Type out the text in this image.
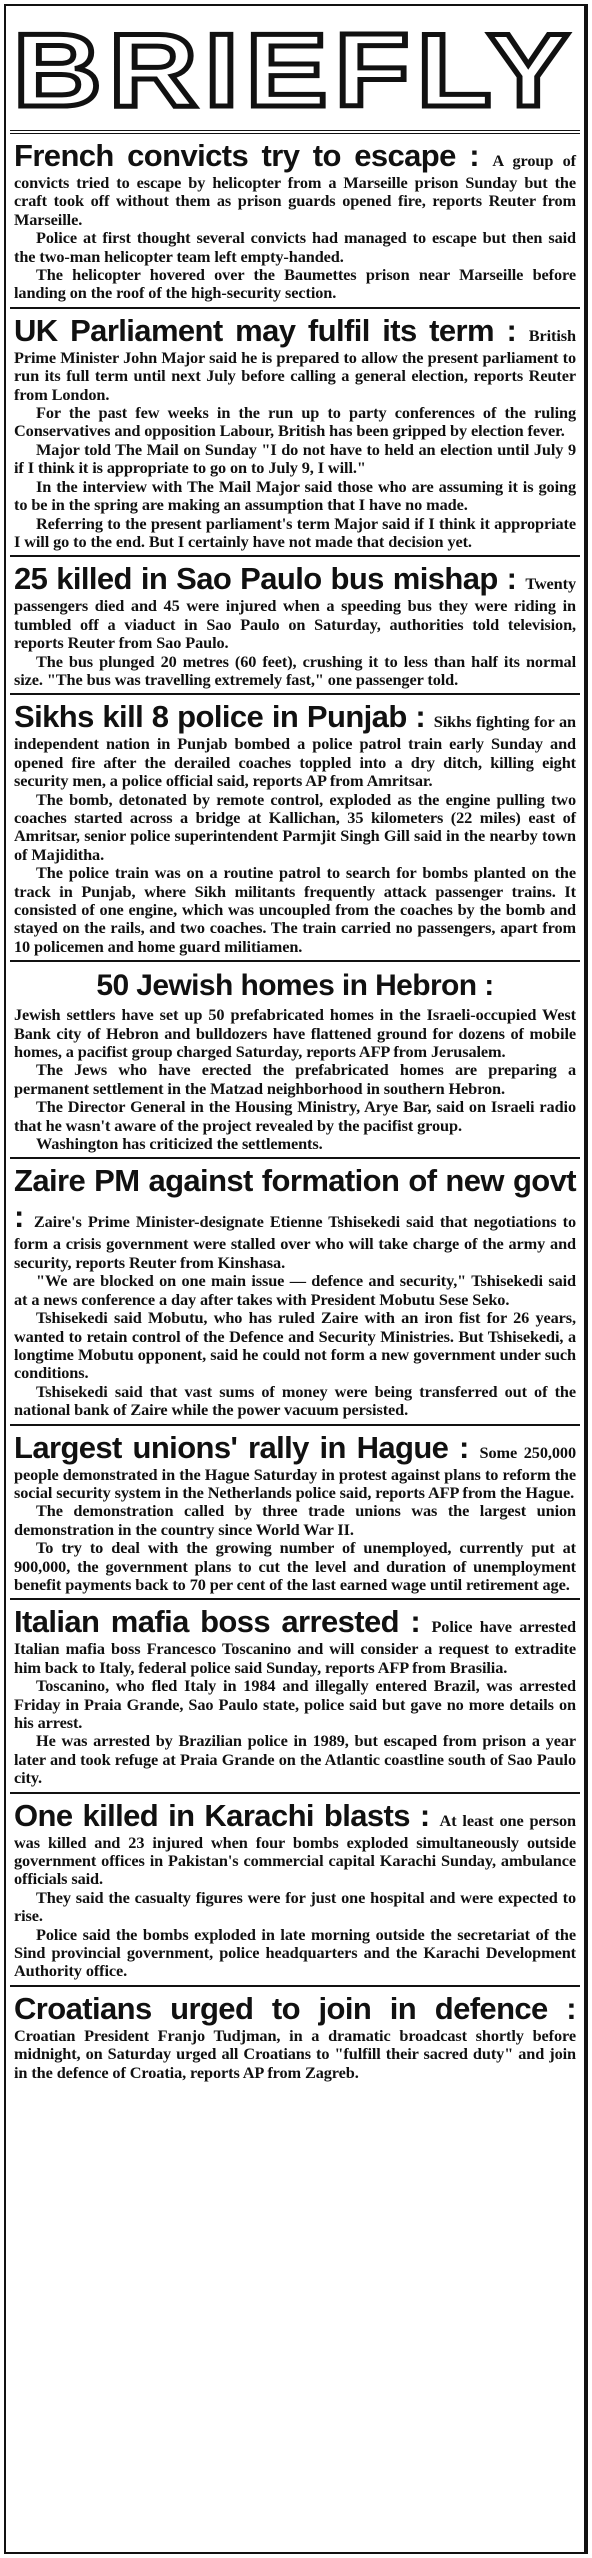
BRIEFLY

French convicts try to escape : A group of convicts tried to escape by helicopter from a Marseille prison Sunday but the craft took off without them as prison guards opened fire, reports Reuter from Marseille.

Police at first thought several convicts had managed to escape but then said the two-man helicopter team left empty-handed.

The helicopter hovered over the Baumettes prison near Marseille before landing on the roof of the high-security section.

UK Parliament may fulfil its term : British Prime Minister John Major said he is prepared to allow the present parliament to run its full term until next July before calling a general election, reports Reuter from London.

For the past few weeks in the run up to party conferences of the ruling Conservatives and opposition Labour, British has been gripped by election fever.

Major told The Mail on Sunday "I do not have to held an election until July 9 if I think it is appropriate to go on to July 9, I will."

In the interview with The Mail Major said those who are assuming it is going to be in the spring are making an assumption that I have no made.

Referring to the present parliament's term Major said if I think it appropriate I will go to the end. But I certainly have not made that decision yet.

25 killed in Sao Paulo bus mishap : Twenty passengers died and 45 were injured when a speeding bus they were riding in tumbled off a viaduct in Sao Paulo on Saturday, authorities told television, reports Reuter from Sao Paulo.

The bus plunged 20 metres (60 feet), crushing it to less than half its normal size. "The bus was travelling extremely fast," one passenger told.

Sikhs kill 8 police in Punjab : Sikhs fighting for an independent nation in Punjab bombed a police patrol train early Sunday and opened fire after the derailed coaches toppled into a dry ditch, killing eight security men, a police official said, reports AP from Amritsar.

The bomb, detonated by remote control, exploded as the engine pulling two coaches started across a bridge at Kallichan, 35 kilometers (22 miles) east of Amritsar, senior police superintendent Parmjit Singh Gill said in the nearby town of Majiditha.

The police train was on a routine patrol to search for bombs planted on the track in Punjab, where Sikh militants frequently attack passenger trains. It consisted of one engine, which was uncoupled from the coaches by the bomb and stayed on the rails, and two coaches. The train carried no passengers, apart from 10 policemen and home guard militiamen.

50 Jewish homes in Hebron :

Jewish settlers have set up 50 prefabricated homes in the Israeli-occupied West Bank city of Hebron and bulldozers have flattened ground for dozens of mobile homes, a pacifist group charged Saturday, reports AFP from Jerusalem.

The Jews who have erected the prefabricated homes are preparing a permanent settlement in the Matzad neighborhood in southern Hebron.

The Director General in the Housing Ministry, Arye Bar, said on Israeli radio that he wasn't aware of the project revealed by the pacifist group.

Washington has criticized the settlements.

Zaire PM against formation of new govt : Zaire's Prime Minister-designate Etienne Tshisekedi said that negotiations to form a crisis government were stalled over who will take charge of the army and security, reports Reuter from Kinshasa.

"We are blocked on one main issue — defence and security," Tshisekedi said at a news conference a day after takes with President Mobutu Sese Seko.

Tshisekedi said Mobutu, who has ruled Zaire with an iron fist for 26 years, wanted to retain control of the Defence and Security Ministries. But Tshisekedi, a longtime Mobutu opponent, said he could not form a new government under such conditions.

Tshisekedi said that vast sums of money were being transferred out of the national bank of Zaire while the power vacuum persisted.

Largest unions' rally in Hague : Some 250,000 people demonstrated in the Hague Saturday in protest against plans to reform the social security system in the Netherlands police said, reports AFP from the Hague.

The demonstration called by three trade unions was the largest union demonstration in the country since World War II.

To try to deal with the growing number of unemployed, currently put at 900,000, the government plans to cut the level and duration of unemployment benefit payments back to 70 per cent of the last earned wage until retirement age.

Italian mafia boss arrested : Police have arrested Italian mafia boss Francesco Toscanino and will consider a request to extradite him back to Italy, federal police said Sunday, reports AFP from Brasilia.

Toscanino, who fled Italy in 1984 and illegally entered Brazil, was arrested Friday in Praia Grande, Sao Paulo state, police said but gave no more details on his arrest.

He was arrested by Brazilian police in 1989, but escaped from prison a year later and took refuge at Praia Grande on the Atlantic coastline south of Sao Paulo city.

One killed in Karachi blasts : At least one person was killed and 23 injured when four bombs exploded simultaneously outside government offices in Pakistan's commercial capital Karachi Sunday, ambulance officials said.

They said the casualty figures were for just one hospital and were expected to rise.

Police said the bombs exploded in late morning outside the secretariat of the Sind provincial government, police headquarters and the Karachi Development Authority office.

Croatians urged to join in defence : Croatian President Franjo Tudjman, in a dramatic broadcast shortly before midnight, on Saturday urged all Croatians to "fulfill their sacred duty" and join in the defence of Croatia, reports AP from Zagreb.
